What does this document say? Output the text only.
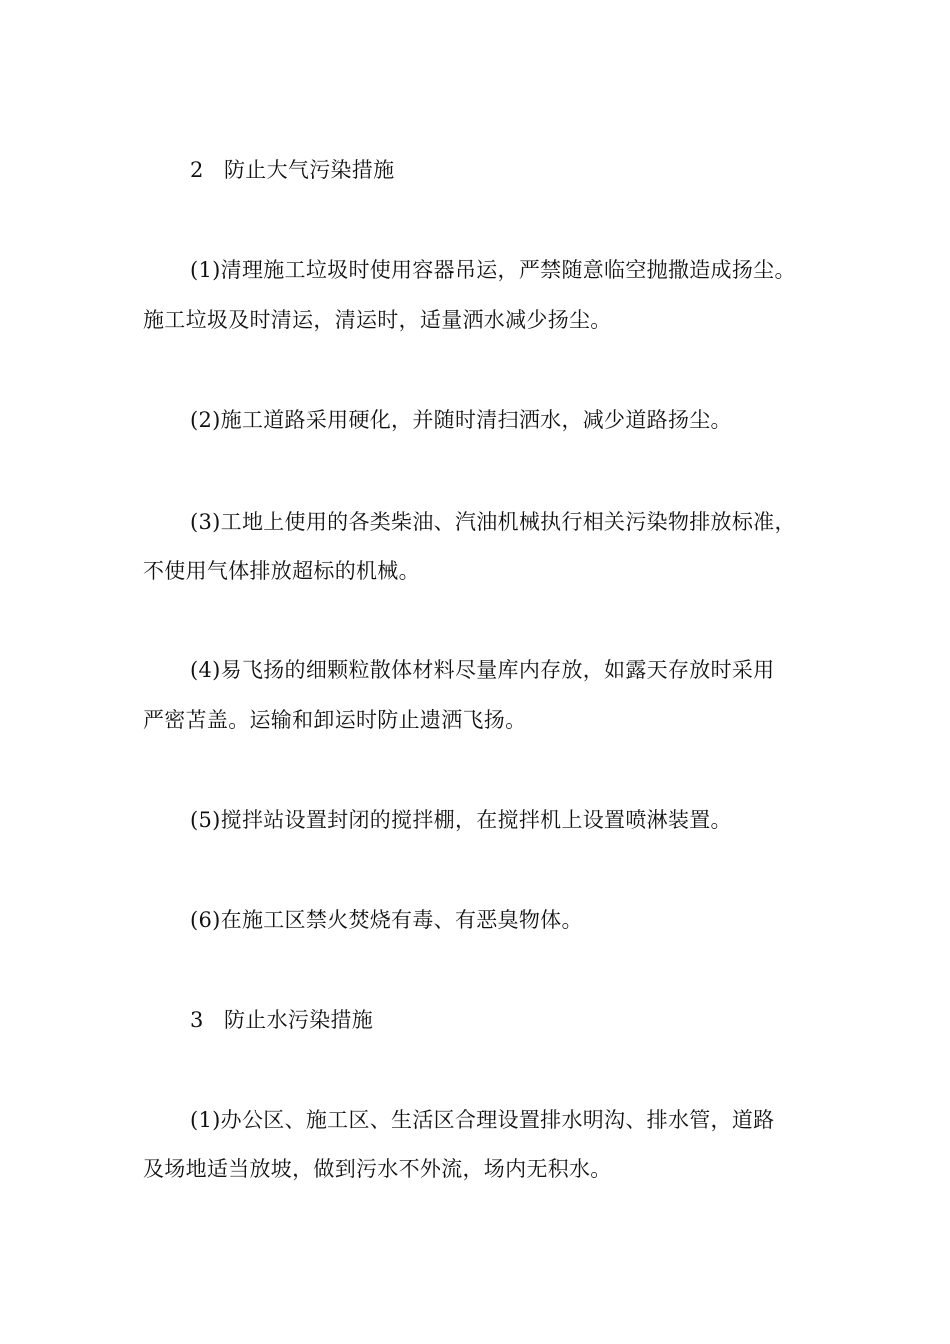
2 防止大气污染措施
(1)清理施工垃圾时使用容器吊运，严禁随意临空抛撒造成扬尘。
施工垃圾及时清运，清运时，适量洒水减少扬尘。
(2)施工道路采用硬化，并随时清扫洒水，减少道路扬尘。
(3)工地上使用的各类柴油、汽油机械执行相关污染物排放标准，
不使用气体排放超标的机械。
(4)易飞扬的细颗粒散体材料尽量库内存放，如露天存放时采用
严密苫盖。运输和卸运时防止遗洒飞扬。
(5)搅拌站设置封闭的搅拌棚，在搅拌机上设置喷淋装置。
(6)在施工区禁火焚烧有毒、有恶臭物体。
3 防止水污染措施
(1)办公区、施工区、生活区合理设置排水明沟、排水管，道路
及场地适当放坡，做到污水不外流，场内无积水。
